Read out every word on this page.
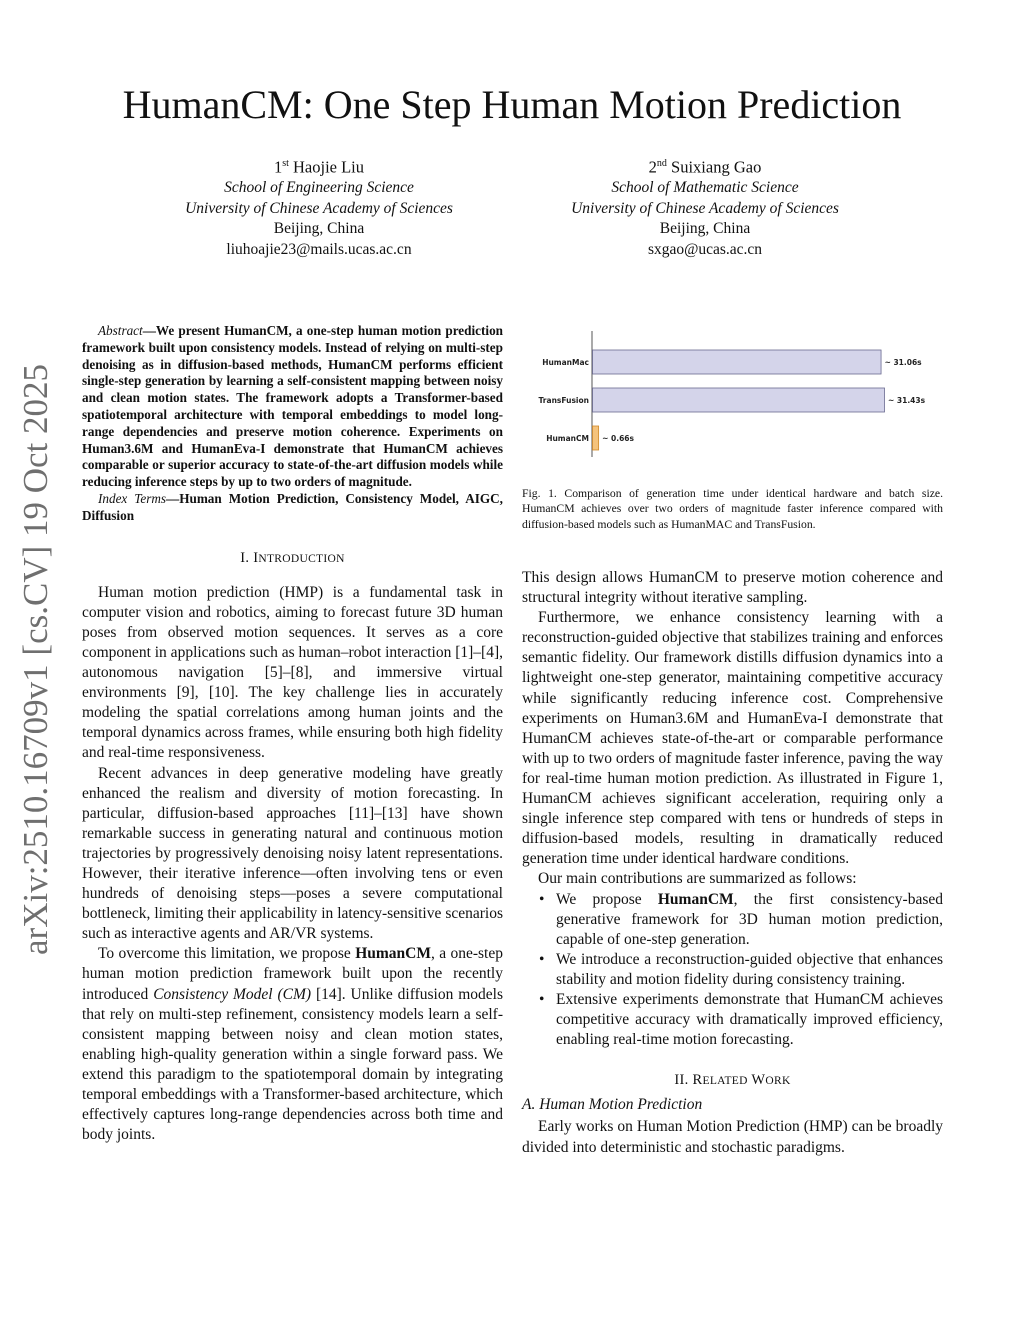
HumanCM: One Step Human Motion Prediction
1st Haojie Liu
School of Engineering Science
University of Chinese Academy of Sciences
Beijing, China
liuhoajie23@mails.ucas.ac.cn
2nd Suixiang Gao
School of Mathematic Science
University of Chinese Academy of Sciences
Beijing, China
sxgao@ucas.ac.cn
arXiv:2510.16709v1 [cs.CV] 19 Oct 2025

Abstract—We present HumanCM, a one-step human motion prediction framework built upon consistency models. Instead of relying on multi-step denoising as in diffusion-based methods, HumanCM performs efficient single-step generation by learning a self-consistent mapping between noisy and clean motion states. The framework adopts a Transformer-based spatiotemporal architecture with temporal embeddings to model long-range dependencies and preserve motion coherence. Experiments on Human3.6M and HumanEva-I demonstrate that HumanCM achieves comparable or superior accuracy to state-of-the-art diffusion models while reducing inference steps by up to two orders of magnitude.

Index Terms—Human Motion Prediction, Consistency Model, AIGC, Diffusion

I. INTRODUCTION

Human motion prediction (HMP) is a fundamental task in computer vision and robotics, aiming to forecast future 3D human poses from observed motion sequences. It serves as a core component in applications such as human–robot interaction [1]–[4], autonomous navigation [5]–[8], and immersive virtual environments [9], [10]. The key challenge lies in accurately modeling the spatial correlations among human joints and the temporal dynamics across frames, while ensuring both high fidelity and real-time responsiveness.

Recent advances in deep generative modeling have greatly enhanced the realism and diversity of motion forecasting. In particular, diffusion-based approaches [11]–[13] have shown remarkable success in generating natural and continuous motion trajectories by progressively denoising noisy latent representations. However, their iterative inference—often involving tens or even hundreds of denoising steps—poses a severe computational bottleneck, limiting their applicability in latency-sensitive scenarios such as interactive agents and AR/VR systems.

To overcome this limitation, we propose HumanCM, a one-step human motion prediction framework built upon the recently introduced Consistency Model (CM) [14]. Unlike diffusion models that rely on multi-step refinement, consistency models learn a self-consistent mapping between noisy and clean motion states, enabling high-quality generation within a single forward pass. We extend this paradigm to the spatiotemporal domain by integrating temporal embeddings with a Transformer-based architecture, which effectively captures long-range dependencies across both time and body joints.

HumanMac	~ 31.06s
TransFusion	~ 31.43s
HumanCM ~ 0.66s
Fig. 1. Comparison of generation time under identical hardware and batch size. HumanCM achieves over two orders of magnitude faster inference compared with diffusion-based models such as HumanMAC and TransFusion.

This design allows HumanCM to preserve motion coherence and structural integrity without iterative sampling.

Furthermore, we enhance consistency learning with a reconstruction-guided objective that stabilizes training and enforces semantic fidelity. Our framework distills diffusion dynamics into a lightweight one-step generator, maintaining competitive accuracy while significantly reducing inference cost. Comprehensive experiments on Human3.6M and HumanEva-I demonstrate that HumanCM achieves state-of-the-art or comparable performance with up to two orders of magnitude faster inference, paving the way for real-time human motion prediction. As illustrated in Figure 1, HumanCM achieves significant acceleration, requiring only a single inference step compared with tens or hundreds of steps in diffusion-based models, resulting in dramatically reduced generation time under identical hardware conditions.

Our main contributions are summarized as follows:

• We propose HumanCM, the first consistency-based generative framework for 3D human motion prediction, capable of one-step generation.
• We introduce a reconstruction-guided objective that enhances stability and motion fidelity during consistency training.
• Extensive experiments demonstrate that HumanCM achieves competitive accuracy with dramatically improved efficiency, enabling real-time motion forecasting.
II. RELATED WORK
A. Human Motion Prediction

Early works on Human Motion Prediction (HMP) can be broadly divided into deterministic and stochastic paradigms.
